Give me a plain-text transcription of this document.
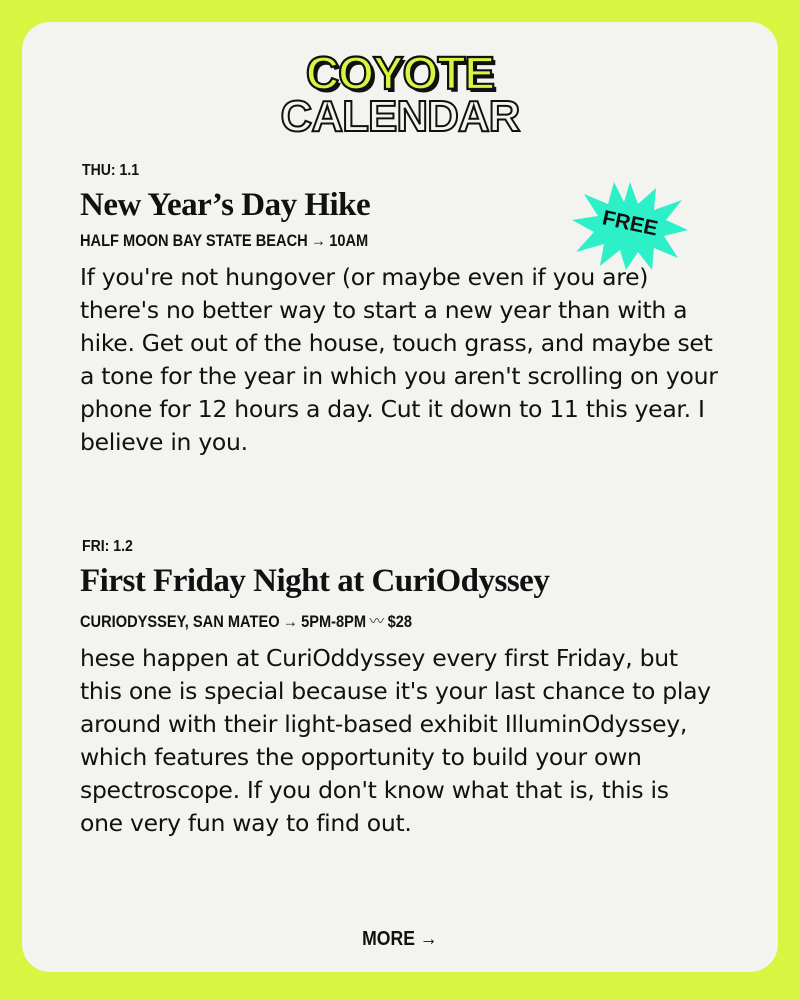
COYOTE
CALENDAR
THU: 1.1
New Year’s Day Hike
HALF MOON BAY STATE BEACH → 10AM

If you're not hungover (or maybe even if you are) there's no better way to start a new year than with a hike. Get out of the house, touch grass, and maybe set a tone for the year in which you aren't scrolling on your phone for 12 hours a day. Cut it down to 11 this year. I believe in you.

FREE
FRI: 1.2
First Friday Night at CuriOdyssey
CURIODYSSEY, SAN MATEO → 5PM-8PM 〰 $28

hese happen at CuriOddyssey every first Friday, but this one is special because it's your last chance to play around with their light-based exhibit IlluminOdyssey, which features the opportunity to build your own spectroscope. If you don't know what that is, this is one very fun way to find out.

MORE →
